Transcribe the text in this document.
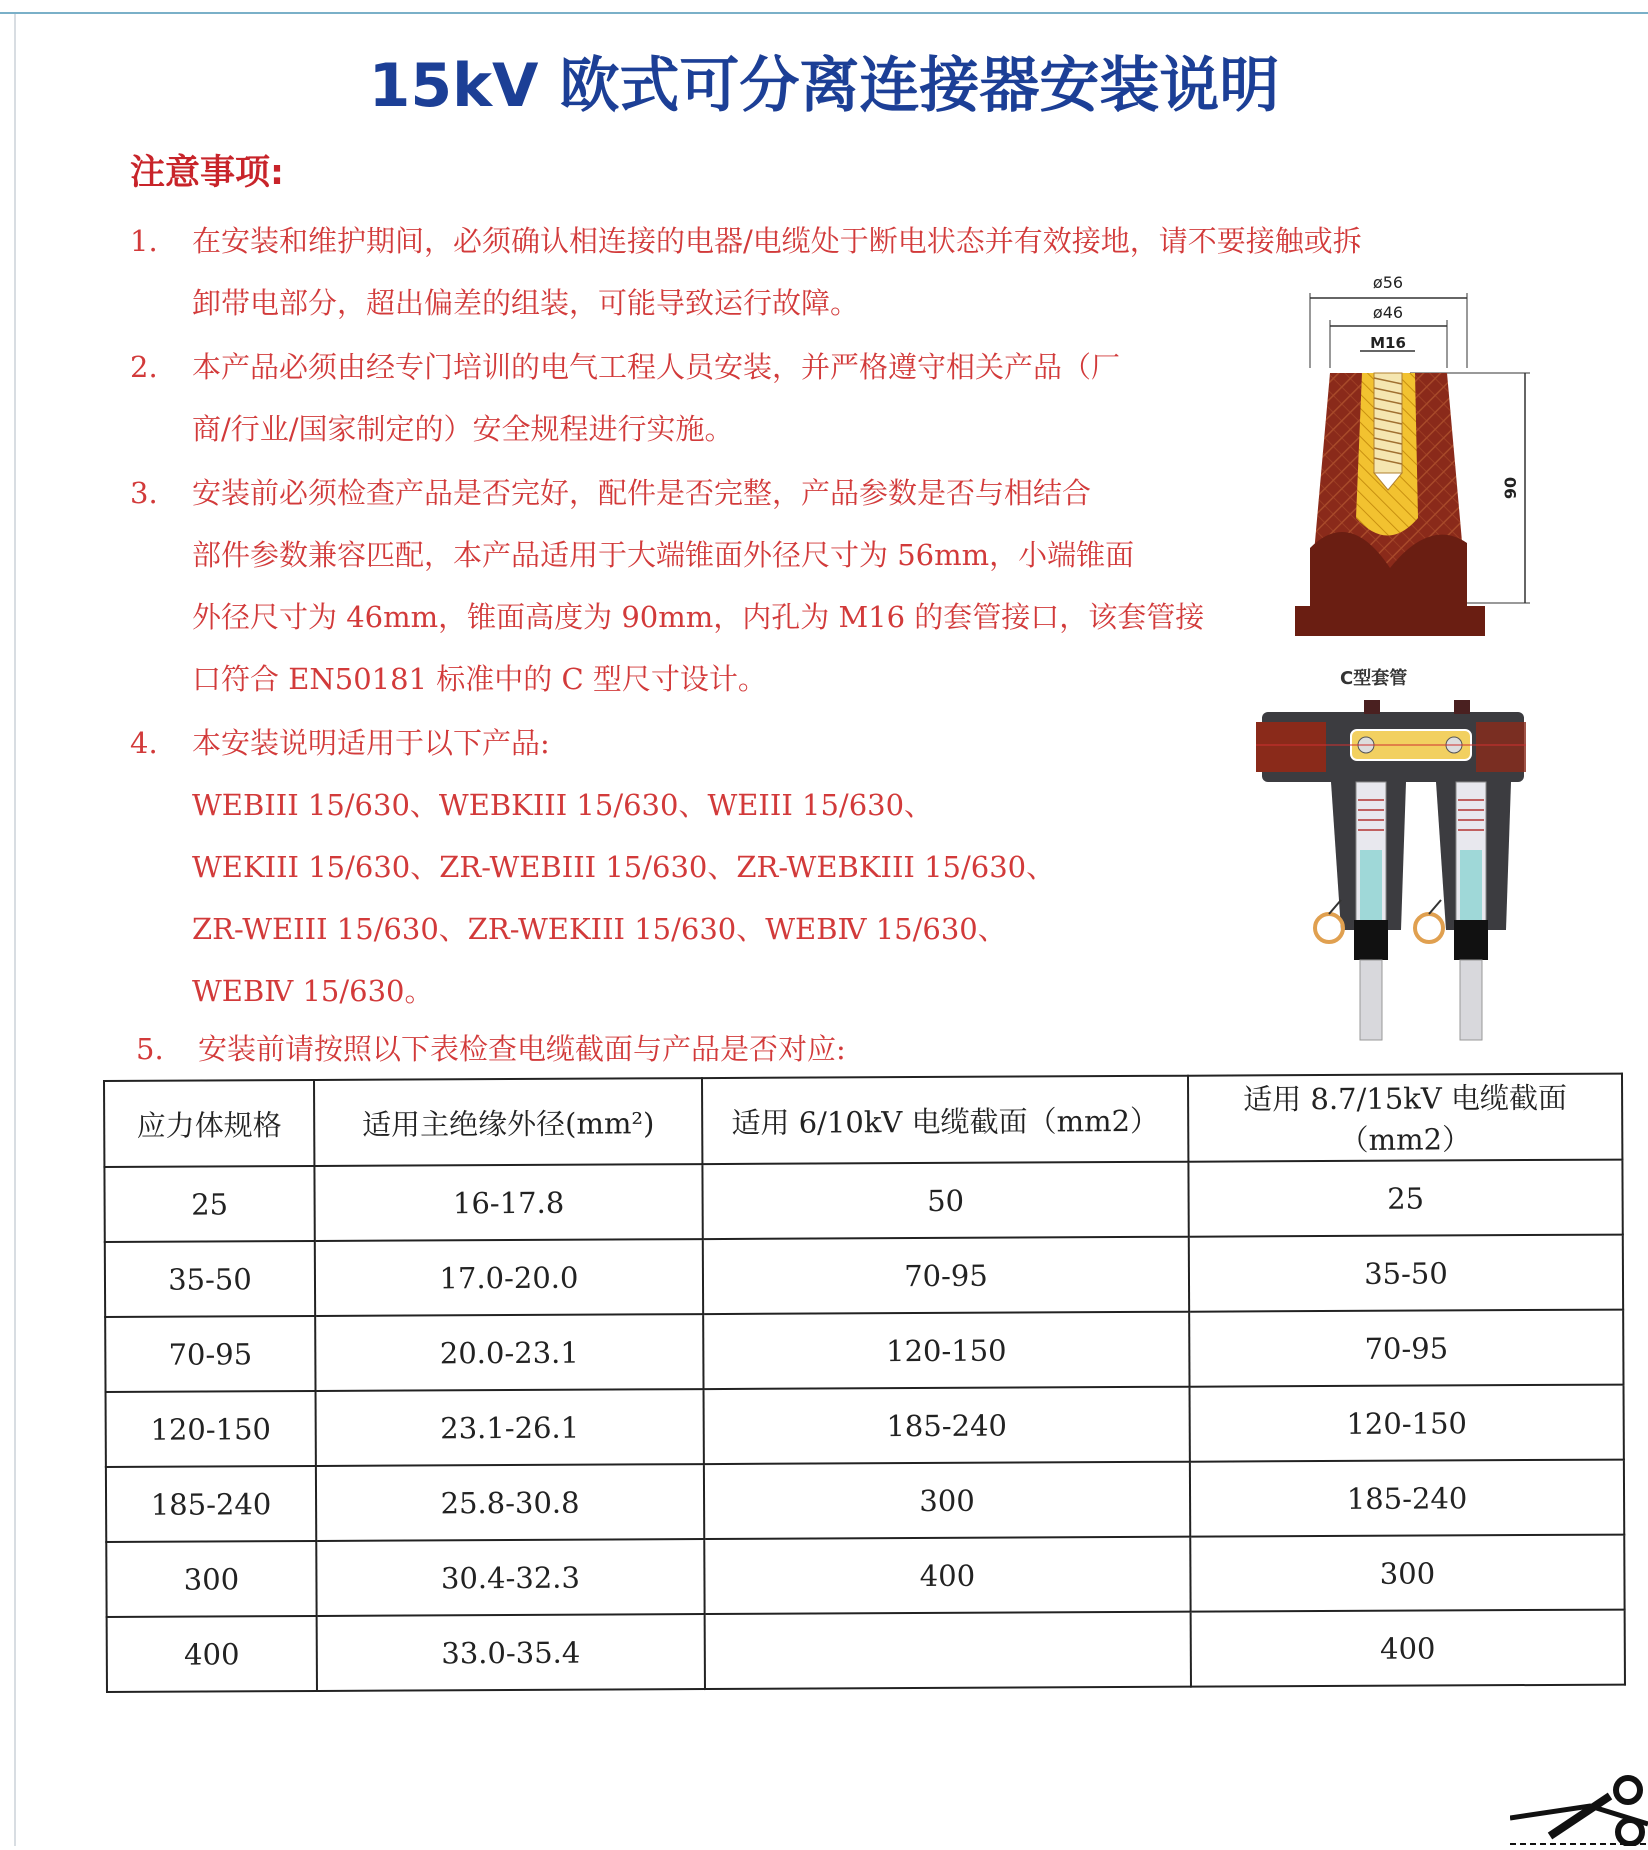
15kV 欧式可分离连接器安装说明
注意事项:
1.	在安装和维护期间，必须确认相连接的电器/电缆处于断电状态并有效接地，请不要接触或拆
卸带电部分，超出偏差的组装，可能导致运行故障。
2.	本产品必须由经专门培训的电气工程人员安装，并严格遵守相关产品（厂
商/行业/国家制定的）安全规程进行实施。
3.	安装前必须检查产品是否完好，配件是否完整，产品参数是否与相结合
部件参数兼容匹配，本产品适用于大端锥面外径尺寸为 56mm，小端锥面
外径尺寸为 46mm，锥面高度为 90mm，内孔为 M16 的套管接口，该套管接
口符合 EN50181 标准中的 C 型尺寸设计。
4.	本安装说明适用于以下产品:
WEBIII 15/630、WEBKIII 15/630、WEIII 15/630、
WEKIII 15/630、ZR-WEBIII 15/630、ZR-WEBKIII 15/630、
ZR-WEIII 15/630、ZR-WEKIII 15/630、WEBⅣ 15/630、
WEBⅣ 15/630。
5.	安装前请按照以下表检查电缆截面与产品是否对应:
ø56
ø46
M16
90
C型套管
应力体规格	适用主绝缘外径(mm²)	适用 6/10kV 电缆截面（mm2）	适用 8.7/15kV 电缆截面（mm2）
25	16-17.8	50	25
35-50	17.0-20.0	70-95	35-50
70-95	20.0-23.1	120-150	70-95
120-150	23.1-26.1	185-240	120-150
185-240	25.8-30.8	300	185-240
300	30.4-32.3	400	300
400	33.0-35.4		400
